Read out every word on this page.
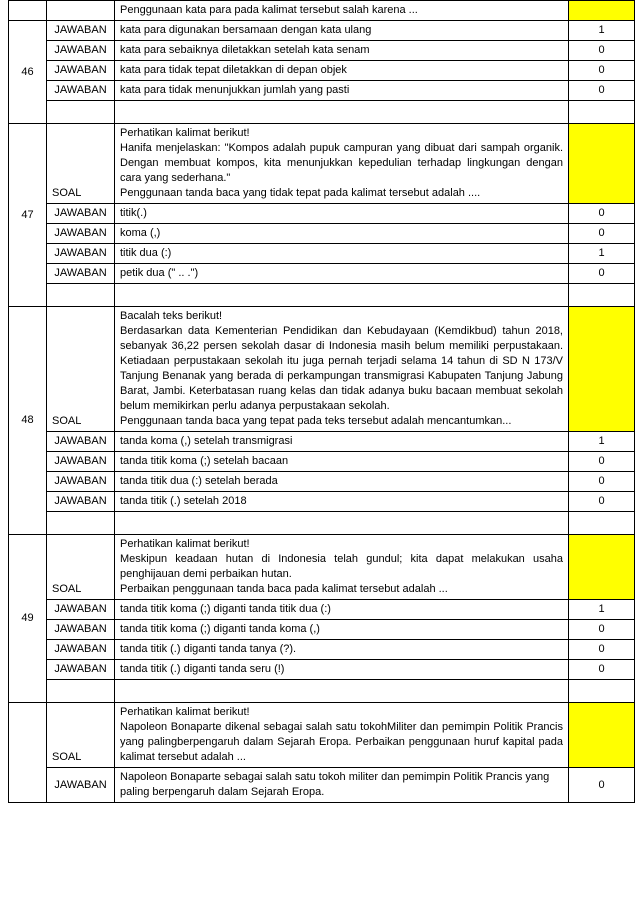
		Penggunaan kata para pada kalimat tersebut salah karena ...	
46	JAWABAN	kata para digunakan bersamaan dengan kata ulang	1
	JAWABAN	kata para sebaiknya diletakkan setelah kata senam	0
	JAWABAN	kata para tidak tepat diletakkan di depan objek	0
	JAWABAN	kata para tidak menunjukkan jumlah yang pasti	0

47	SOAL	Perhatikan kalimat berikut!
Hanifa menjelaskan: "Kompos adalah pupuk campuran yang dibuat dari sampah organik. Dengan membuat kompos, kita menunjukkan kepedulian terhadap lingkungan dengan cara yang sederhana."
Penggunaan tanda baca yang tidak tepat pada kalimat tersebut adalah ....	

	JAWABAN	titik(.)	0
	JAWABAN	koma (,)	0
	JAWABAN	titik dua (:)	1
	JAWABAN	petik dua (" .. .")	0

48	SOAL	Bacalah teks berikut!
Berdasarkan data Kementerian Pendidikan dan Kebudayaan (Kemdikbud) tahun 2018, sebanyak 36,22 persen sekolah dasar di Indonesia masih belum memiliki perpustakaan. Ketiadaan perpustakaan sekolah itu juga pernah terjadi selama 14 tahun di SD N 173/V Tanjung Benanak yang berada di perkampungan transmigrasi Kabupaten Tanjung Jabung Barat, Jambi. Keterbatasan ruang kelas dan tidak adanya buku bacaan membuat sekolah belum memikirkan perlu adanya perpustakaan sekolah.
Penggunaan tanda baca yang tepat pada teks tersebut adalah mencantumkan...	

	JAWABAN	tanda koma (,) setelah transmigrasi	1
	JAWABAN	tanda titik koma (;) setelah bacaan	0
	JAWABAN	tanda titik dua (:) setelah berada	0
	JAWABAN	tanda titik (.) setelah 2018	0

49	SOAL	Perhatikan kalimat berikut!
Meskipun keadaan hutan di Indonesia telah gundul; kita dapat melakukan usaha penghijauan demi perbaikan hutan.
Perbaikan penggunaan tanda baca pada kalimat tersebut adalah ...	

	JAWABAN	tanda titik koma (;) diganti tanda titik dua (:)	1
	JAWABAN	tanda titik koma (;) diganti tanda koma (,)	0
	JAWABAN	tanda titik (.) diganti tanda tanya (?).	0
	JAWABAN	tanda titik (.) diganti tanda seru (!)	0

	SOAL	Perhatikan kalimat berikut!
Napoleon Bonaparte dikenal sebagai salah satu tokohMiliter dan pemimpin Politik Prancis yang palingberpengaruh dalam Sejarah Eropa. Perbaikan penggunaan huruf kapital pada kalimat tersebut adalah ...	

	JAWABAN	Napoleon Bonaparte sebagai salah satu tokoh militer dan pemimpin Politik Prancis yang paling berpengaruh dalam Sejarah Eropa.	0
